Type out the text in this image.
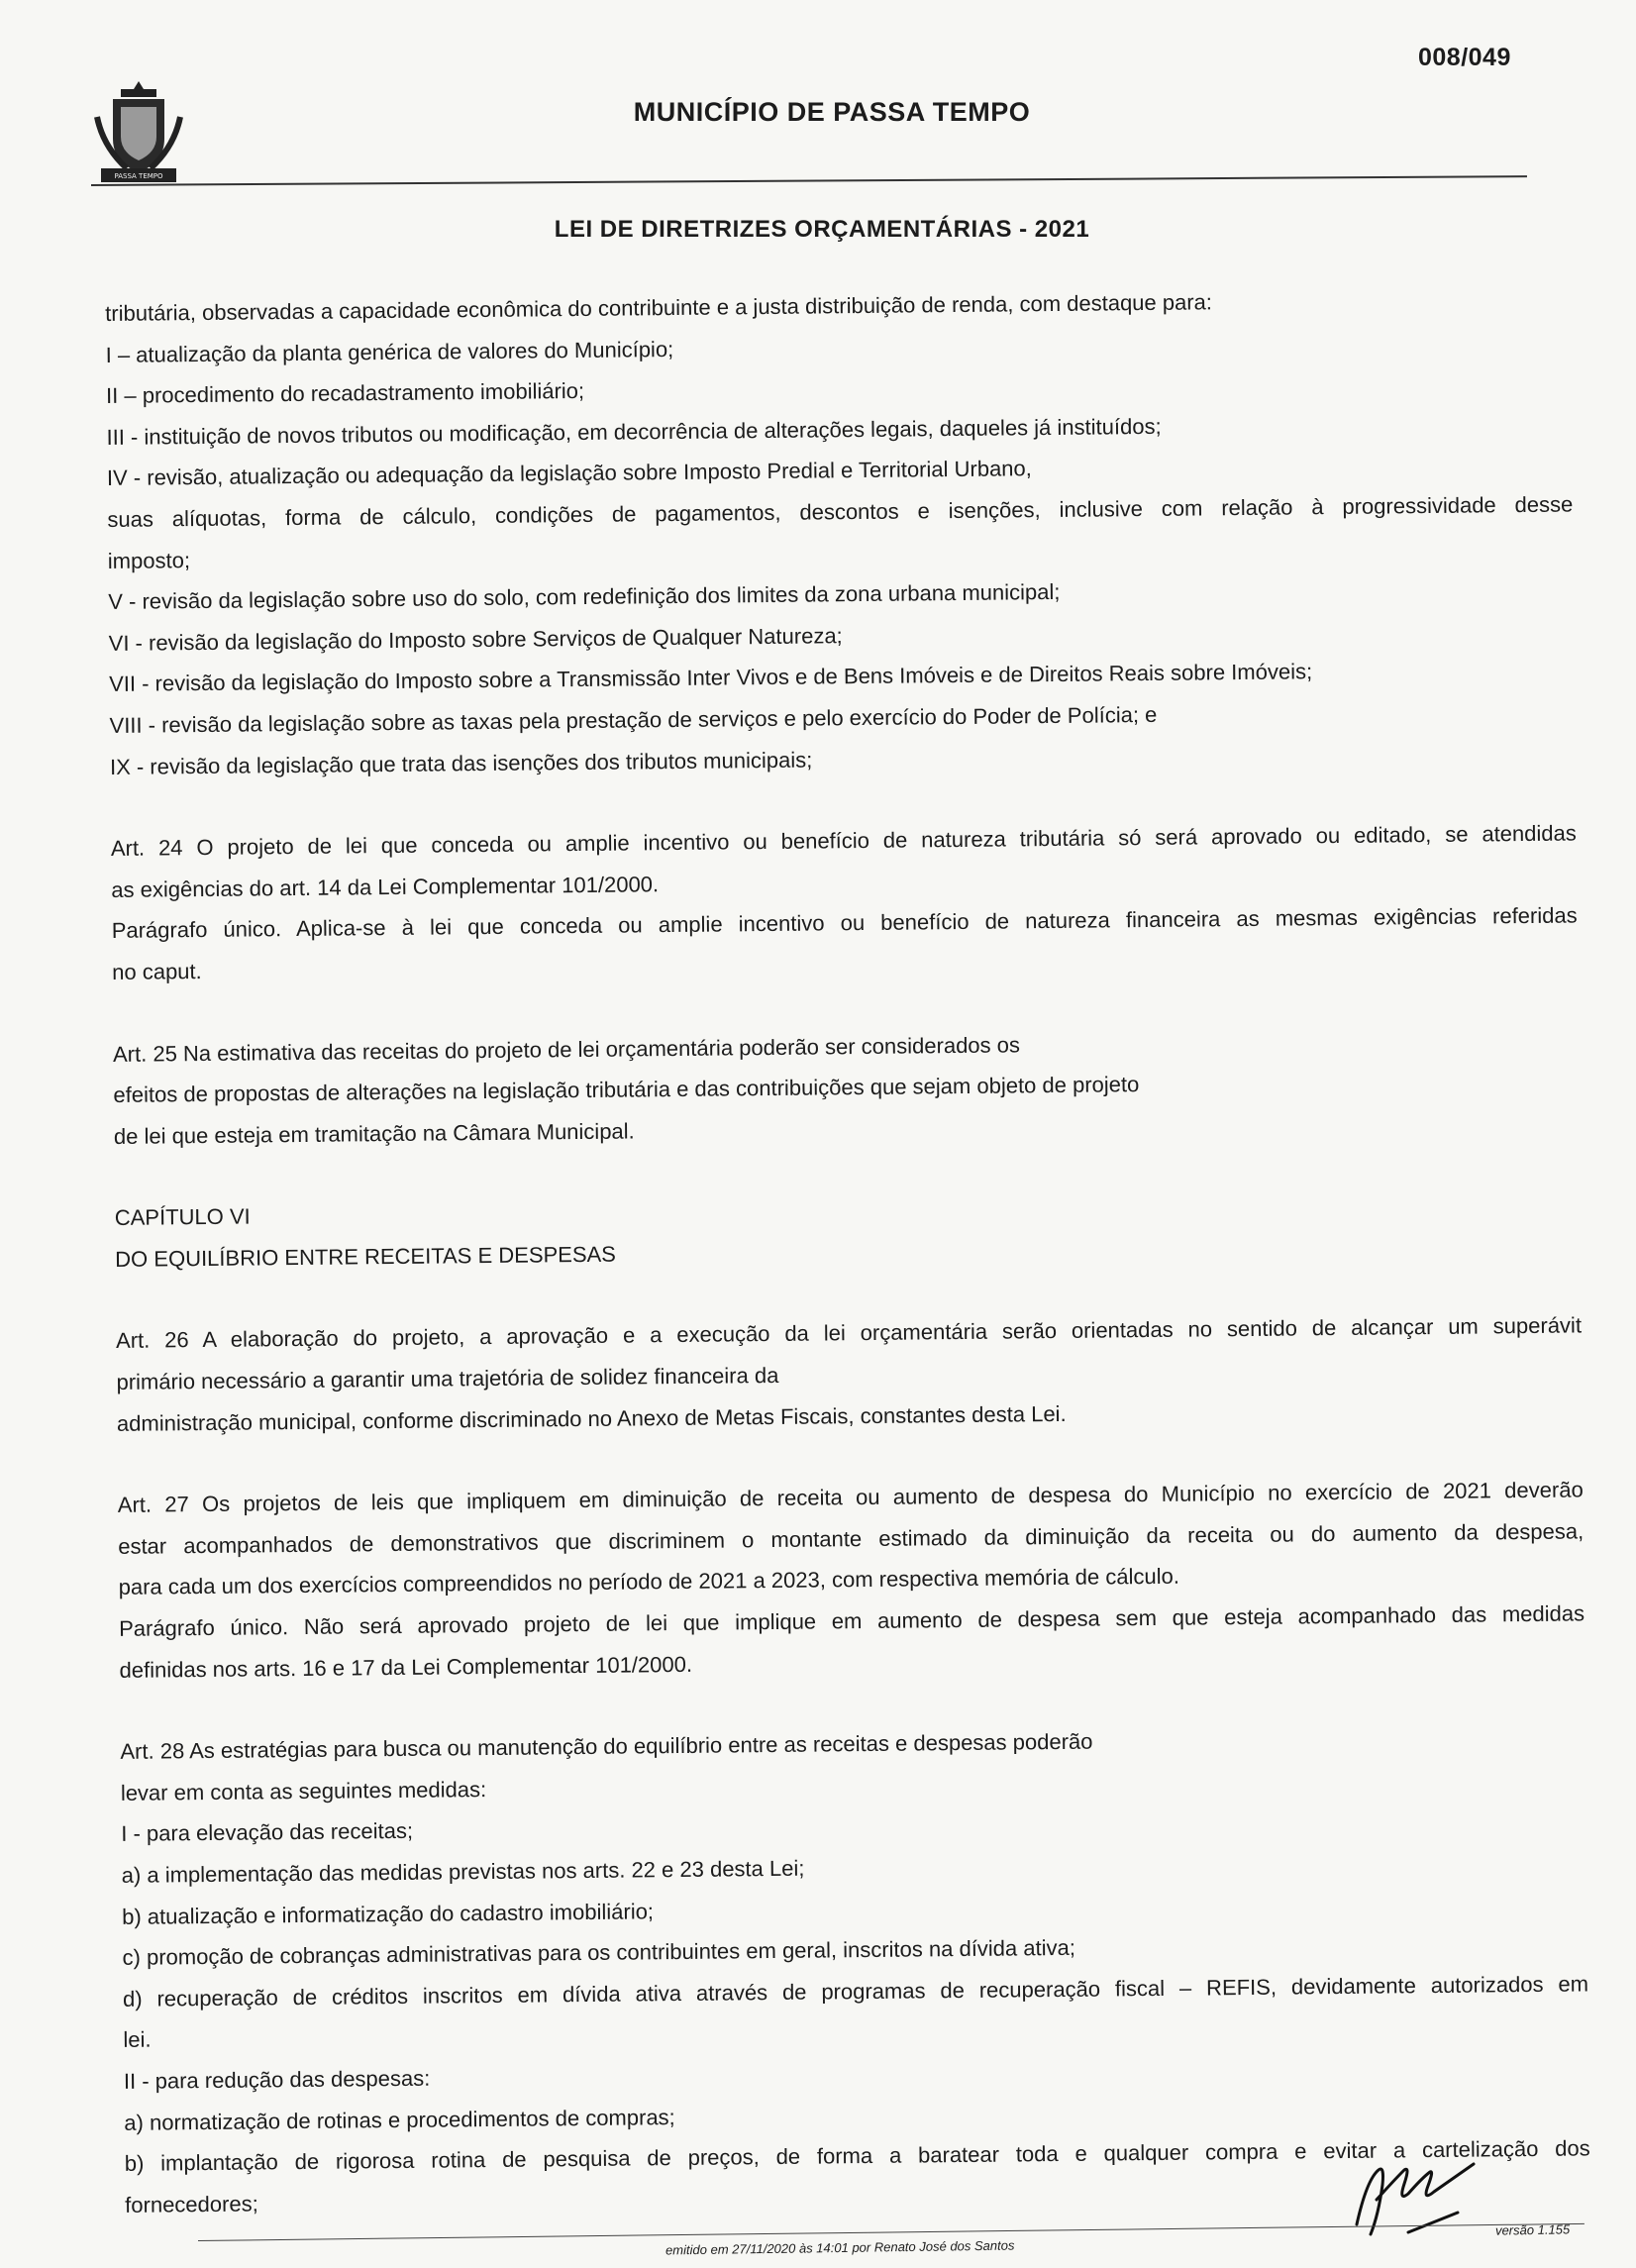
008/049
PASSA TEMPO
MUNICÍPIO DE PASSA TEMPO
LEI DE DIRETRIZES ORÇAMENTÁRIAS - 2021

tributária, observadas a capacidade econômica do contribuinte e a justa distribuição de renda, com destaque para:

I – atualização da planta genérica de valores do Município;

II – procedimento do recadastramento imobiliário;

III - instituição de novos tributos ou modificação, em decorrência de alterações legais, daqueles já instituídos;

IV - revisão, atualização ou adequação da legislação sobre Imposto Predial e Territorial Urbano,

suas alíquotas, forma de cálculo, condições de pagamentos, descontos e isenções, inclusive com relação à progressividade desse

imposto;

V - revisão da legislação sobre uso do solo, com redefinição dos limites da zona urbana municipal;

VI - revisão da legislação do Imposto sobre Serviços de Qualquer Natureza;

VII - revisão da legislação do Imposto sobre a Transmissão Inter Vivos e de Bens Imóveis e de Direitos Reais sobre Imóveis;

VIII - revisão da legislação sobre as taxas pela prestação de serviços e pelo exercício do Poder de Polícia; e

IX - revisão da legislação que trata das isenções dos tributos municipais;

Art. 24 O projeto de lei que conceda ou amplie incentivo ou benefício de natureza tributária só será aprovado ou editado, se atendidas

as exigências do art. 14 da Lei Complementar 101/2000.

Parágrafo único. Aplica-se à lei que conceda ou amplie incentivo ou benefício de natureza financeira as mesmas exigências referidas

no caput.

Art. 25 Na estimativa das receitas do projeto de lei orçamentária poderão ser considerados os

efeitos de propostas de alterações na legislação tributária e das contribuições que sejam objeto de projeto

de lei que esteja em tramitação na Câmara Municipal.

CAPÍTULO VI

DO EQUILÍBRIO ENTRE RECEITAS E DESPESAS

Art. 26 A elaboração do projeto, a aprovação e a execução da lei orçamentária serão orientadas no sentido de alcançar um superávit

primário necessário a garantir uma trajetória de solidez financeira da

administração municipal, conforme discriminado no Anexo de Metas Fiscais, constantes desta Lei.

Art. 27 Os projetos de leis que impliquem em diminuição de receita ou aumento de despesa do Município no exercício de 2021 deverão

estar acompanhados de demonstrativos que discriminem o montante estimado da diminuição da receita ou do aumento da despesa,

para cada um dos exercícios compreendidos no período de 2021 a 2023, com respectiva memória de cálculo.

Parágrafo único. Não será aprovado projeto de lei que implique em aumento de despesa sem que esteja acompanhado das medidas

definidas nos arts. 16 e 17 da Lei Complementar 101/2000.

Art. 28 As estratégias para busca ou manutenção do equilíbrio entre as receitas e despesas poderão

levar em conta as seguintes medidas:

I - para elevação das receitas;

a) a implementação das medidas previstas nos arts. 22 e 23 desta Lei;

b) atualização e informatização do cadastro imobiliário;

c) promoção de cobranças administrativas para os contribuintes em geral, inscritos na dívida ativa;

d) recuperação de créditos inscritos em dívida ativa através de programas de recuperação fiscal – REFIS, devidamente autorizados em

lei.

II - para redução das despesas:

a) normatização de rotinas e procedimentos de compras;

b) implantação de rigorosa rotina de pesquisa de preços, de forma a baratear toda e qualquer compra e evitar a cartelização dos

fornecedores;

versão 1.155
emitido em 27/11/2020 às 14:01 por Renato José dos Santos
